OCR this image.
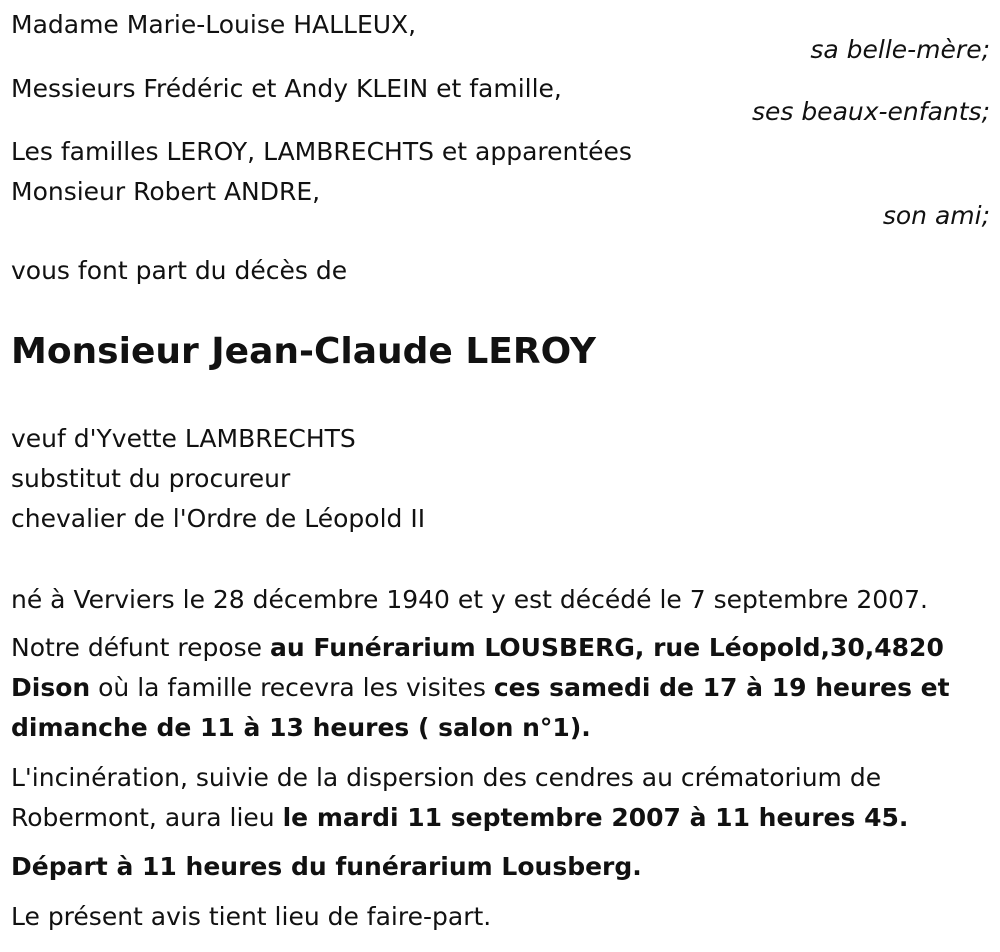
Madame Marie-Louise HALLEUX,
sa belle-mère;
Messieurs Frédéric et Andy KLEIN et famille,
ses beaux-enfants;
Les familles LEROY, LAMBRECHTS et apparentées
Monsieur Robert ANDRE,
son ami;
vous font part du décès de
Monsieur Jean-Claude LEROY
veuf d'Yvette LAMBRECHTS
substitut du procureur
chevalier de l'Ordre de Léopold II
né à Verviers le 28 décembre 1940 et y est décédé le 7 septembre 2007.
Notre défunt repose au Funérarium LOUSBERG, rue Léopold,30,4820
Dison où la famille recevra les visites ces samedi de 17 à 19 heures et
dimanche de 11 à 13 heures ( salon n°1).
L'incinération, suivie de la dispersion des cendres au crématorium de
Robermont, aura lieu le mardi 11 septembre 2007 à 11 heures 45.
Départ à 11 heures du funérarium Lousberg.
Le présent avis tient lieu de faire-part.
